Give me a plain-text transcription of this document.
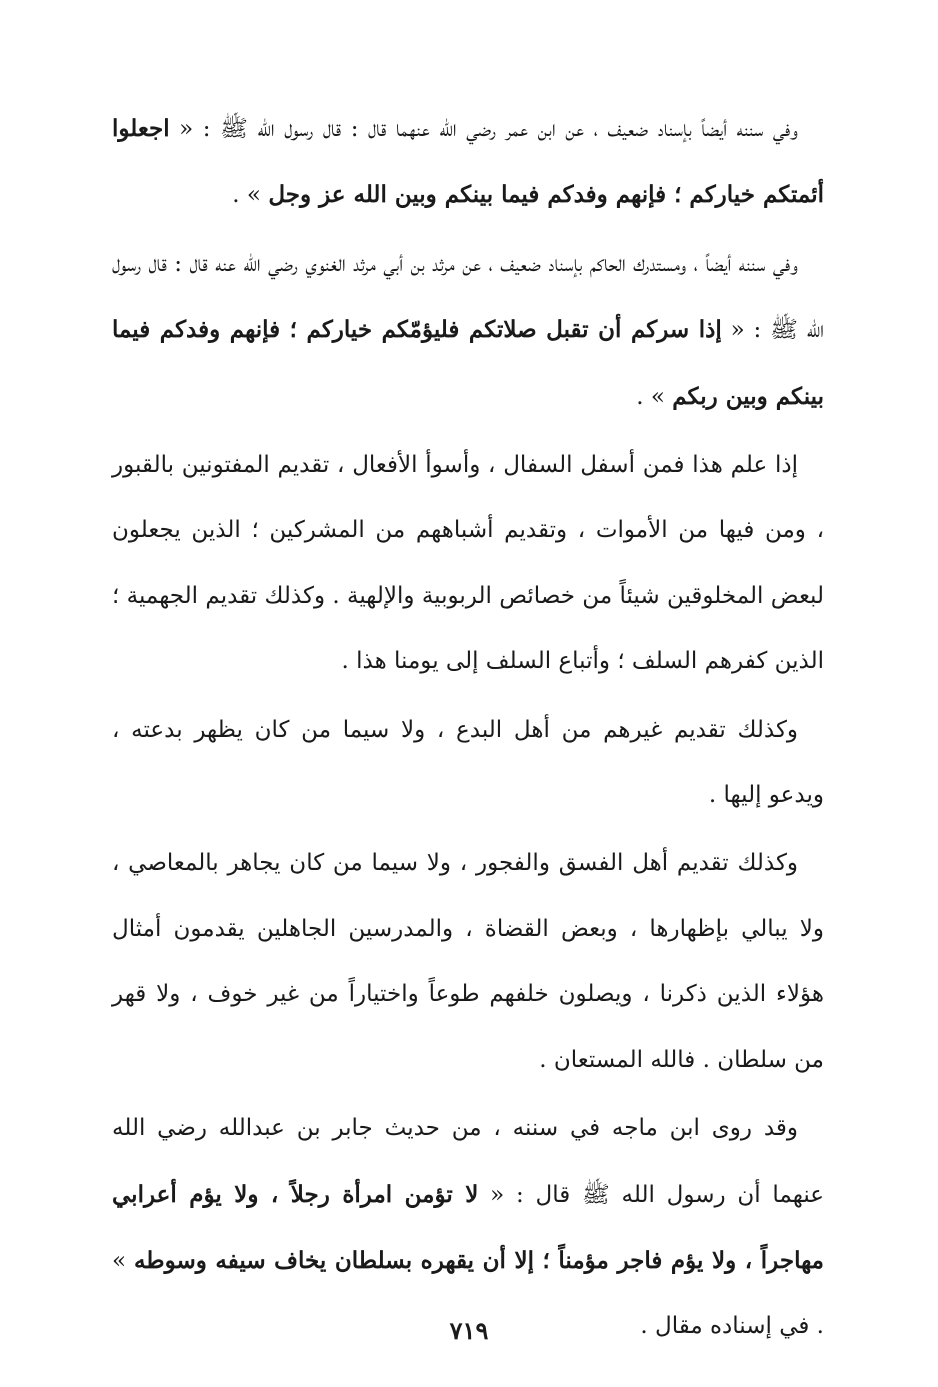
وفي سننه أيضاً بإسناد ضعيف ، عن ابن عمر رضي الله عنهما قال : قال رسول الله ﷺ : « اجعلوا أئمتكم خياركم ؛ فإنهم وفدكم فيما بينكم وبين الله عز وجل » .

وفي سننه أيضاً ، ومستدرك الحاكم بإسناد ضعيف ، عن مرثد بن أبي مرثد الغنوي رضي الله عنه قال : قال رسول الله ﷺ : « إذا سركم أن تقبل صلاتكم فليؤمّكم خياركم ؛ فإنهم وفدكم فيما بينكم وبين ربكم » .

إذا علم هذا فمن أسفل السفال ، وأسوأ الأفعال ، تقديم المفتونين بالقبور ، ومن فيها من الأموات ، وتقديم أشباههم من المشركين ؛ الذين يجعلون لبعض المخلوقين شيئاً من خصائص الربوبية والإلهية . وكذلك تقديم الجهمية ؛ الذين كفرهم السلف ؛ وأتباع السلف إلى يومنا هذا .

وكذلك تقديم غيرهم من أهل البدع ، ولا سيما من كان يظهر بدعته ، ويدعو إليها .

وكذلك تقديم أهل الفسق والفجور ، ولا سيما من كان يجاهر بالمعاصي ، ولا يبالي بإظهارها ، وبعض القضاة ، والمدرسين الجاهلين يقدمون أمثال هؤلاء الذين ذكرنا ، ويصلون خلفهم طوعاً واختياراً من غير خوف ، ولا قهر من سلطان . فالله المستعان .

وقد روى ابن ماجه في سننه ، من حديث جابر بن عبدالله رضي الله عنهما أن رسول الله ﷺ قال : « لا تؤمن امرأة رجلاً ، ولا يؤم أعرابي مهاجراً ، ولا يؤم فاجر مؤمناً ؛ إلا أن يقهره بسلطان يخاف سيفه وسوطه » . في إسناده مقال .

٧١٩
